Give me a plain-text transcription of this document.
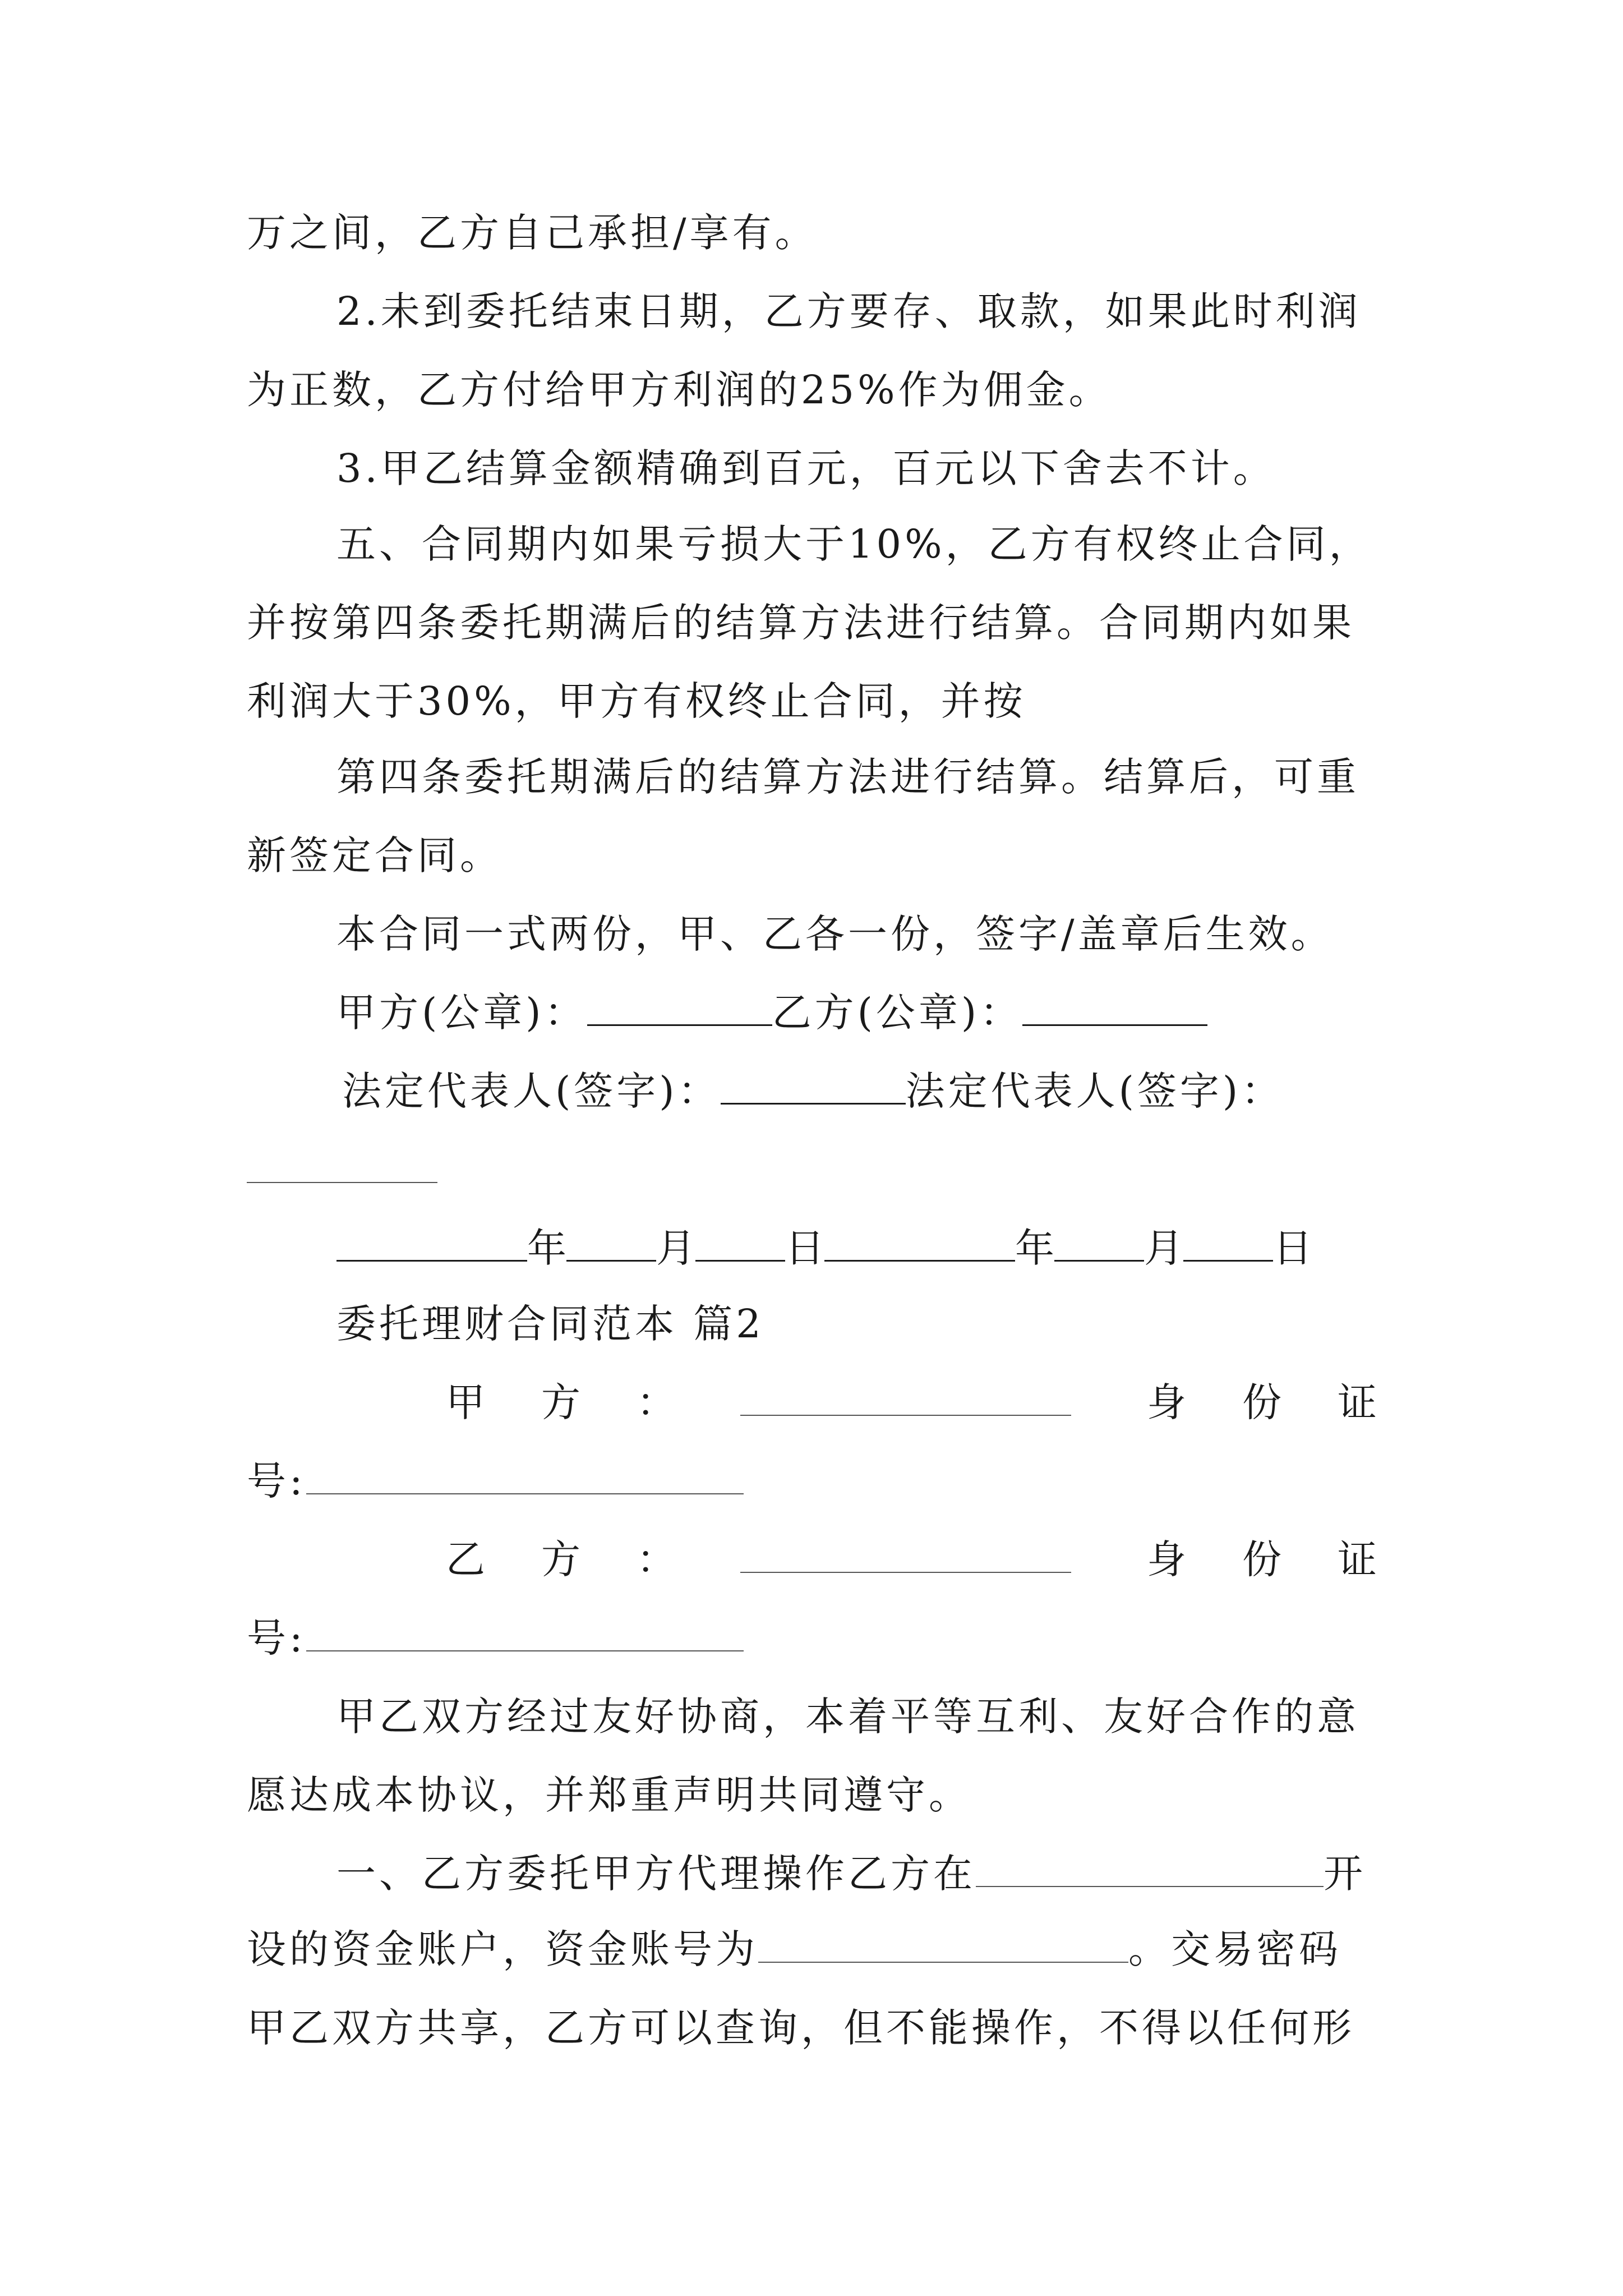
万之间，乙方自己承担/享有。
2.未到委托结束日期，乙方要存、取款，如果此时利润
为正数，乙方付给甲方利润的25%作为佣金。
3.甲乙结算金额精确到百元，百元以下舍去不计。
五、合同期内如果亏损大于10%，乙方有权终止合同，
并按第四条委托期满后的结算方法进行结算。合同期内如果
利润大于30%，甲方有权终止合同，并按
第四条委托期满后的结算方法进行结算。结算后，可重
新签定合同。
本合同一式两份，甲、乙各一份，签字/盖章后生效。
甲方(公章)：	乙方(公章)：
法定代表人(签字)：	法定代表人(签字)：
年 月 日	年 月 日
委托理财合同范本 篇2
甲 方 ：	身 份 证
号:
乙 方 ：	身 份 证
号:
甲乙双方经过友好协商，本着平等互利、友好合作的意
愿达成本协议，并郑重声明共同遵守。
一、乙方委托甲方代理操作乙方在	开
设的资金账户，资金账号为	。交易密码
甲乙双方共享，乙方可以查询，但不能操作，不得以任何形
